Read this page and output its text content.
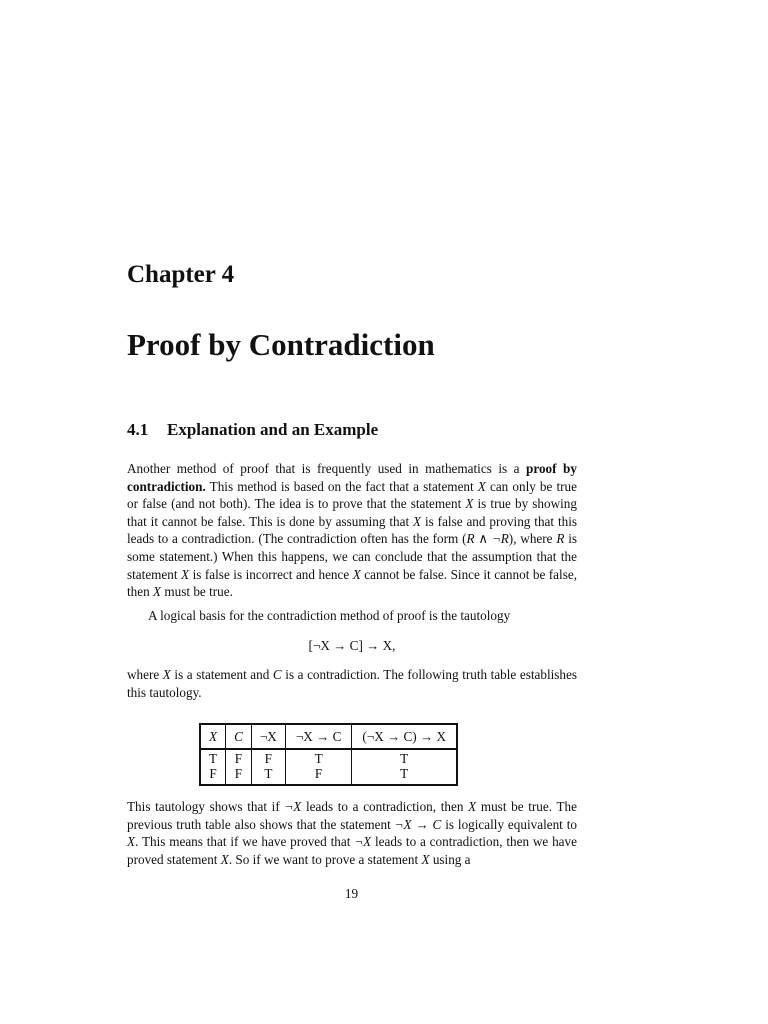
Chapter 4
Proof by Contradiction
4.1 Explanation and an Example

Another method of proof that is frequently used in mathematics is a proof by contradiction. This method is based on the fact that a statement X can only be true or false (and not both). The idea is to prove that the statement X is true by showing that it cannot be false. This is done by assuming that X is false and proving that this leads to a contradiction. (The contradiction often has the form (R ∧ ¬R), where R is some statement.) When this happens, we can conclude that the assumption that the statement X is false is incorrect and hence X cannot be false. Since it cannot be false, then X must be true.

A logical basis for the contradiction method of proof is the tautology

[¬X → C] → X,

where X is a statement and C is a contradiction. The following truth table establishes this tautology.

X	C	¬X	¬X → C	(¬X → C) → X
T	F	F	T	T
F	F	T	F	T

This tautology shows that if ¬X leads to a contradiction, then X must be true. The previous truth table also shows that the statement ¬X → C is logically equivalent to X. This means that if we have proved that ¬X leads to a contradiction, then we have proved statement X. So if we want to prove a statement X using a

19
